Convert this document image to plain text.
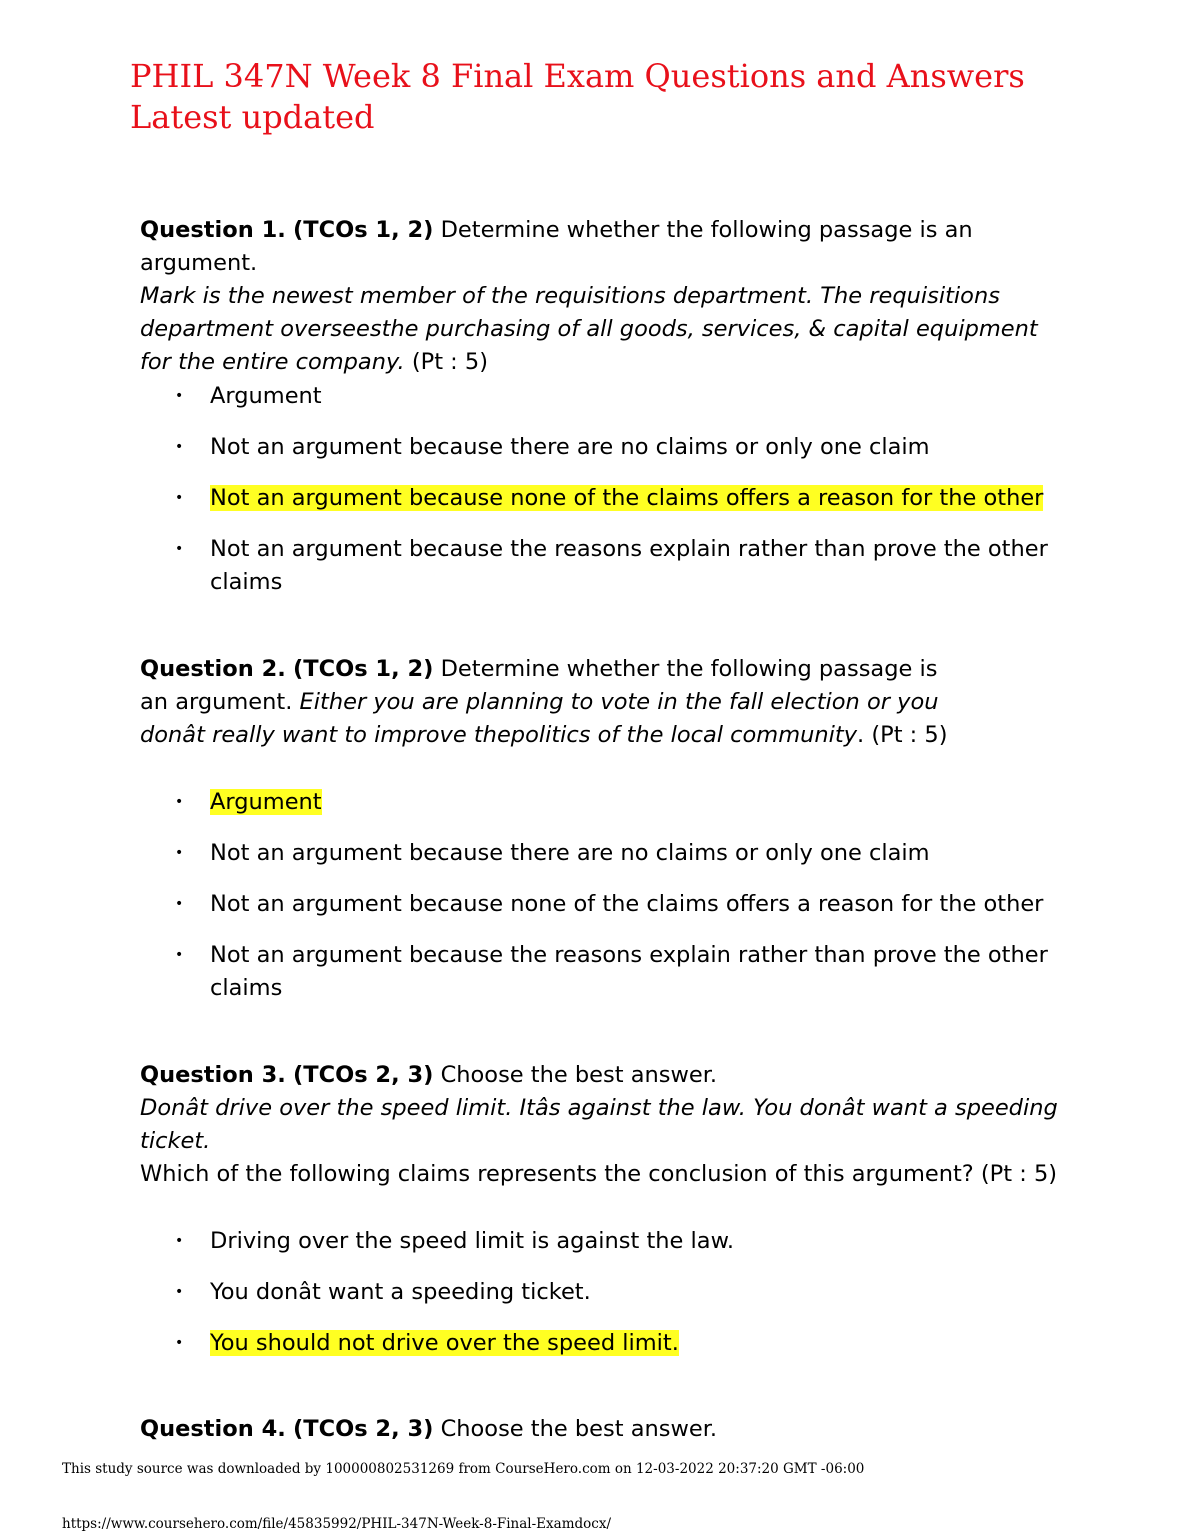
PHIL 347N Week 8 Final Exam Questions and Answers Latest updated
Question 1. (TCOs 1, 2) Determine whether the following passage is an argument.
Mark is the newest member of the requisitions department. The requisitions department overseesthe purchasing of all goods, services, & capital equipment for the entire company. (Pt : 5)
• Argument
• Not an argument because there are no claims or only one claim
• Not an argument because none of the claims offers a reason for the other
• Not an argument because the reasons explain rather than prove the other claims
Question 2. (TCOs 1, 2) Determine whether the following passage is an argument. Either you are planning to vote in the fall election or you donât really want to improve thepolitics of the local community. (Pt : 5)
• Argument
• Not an argument because there are no claims or only one claim
• Not an argument because none of the claims offers a reason for the other
• Not an argument because the reasons explain rather than prove the other claims
Question 3. (TCOs 2, 3) Choose the best answer.
Donât drive over the speed limit. Itâs against the law. You donât want a speeding ticket.
Which of the following claims represents the conclusion of this argument? (Pt : 5)
• Driving over the speed limit is against the law.
• You donât want a speeding ticket.
• You should not drive over the speed limit.
Question 4. (TCOs 2, 3) Choose the best answer.
This study source was downloaded by 100000802531269 from CourseHero.com on 12-03-2022 20:37:20 GMT -06:00
https://www.coursehero.com/file/45835992/PHIL-347N-Week-8-Final-Examdocx/
